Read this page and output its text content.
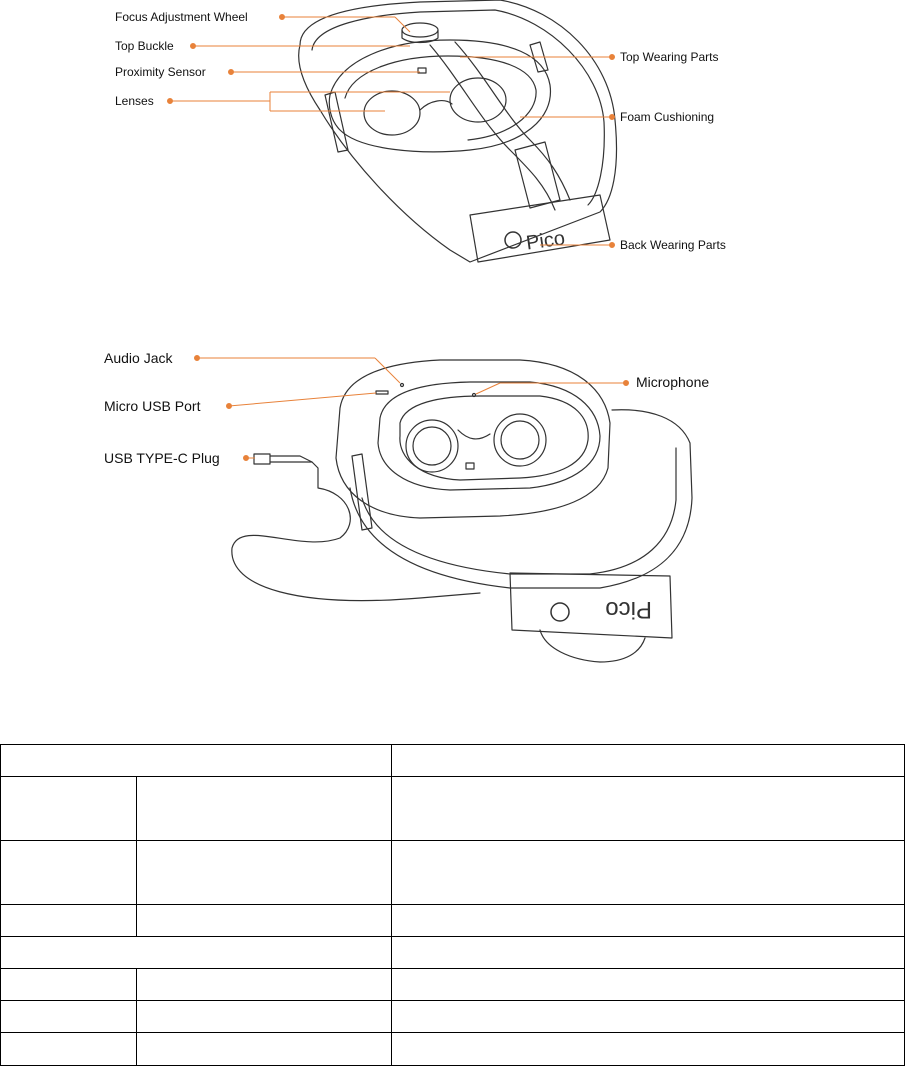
Pico
Focus Adjustment Wheel
Top Buckle
Proximity Sensor
Lenses
Top Wearing Parts
Foam Cushioning
Back Wearing Parts
Pico
Audio Jack
Micro USB Port
USB TYPE-C Plug
Microphone
